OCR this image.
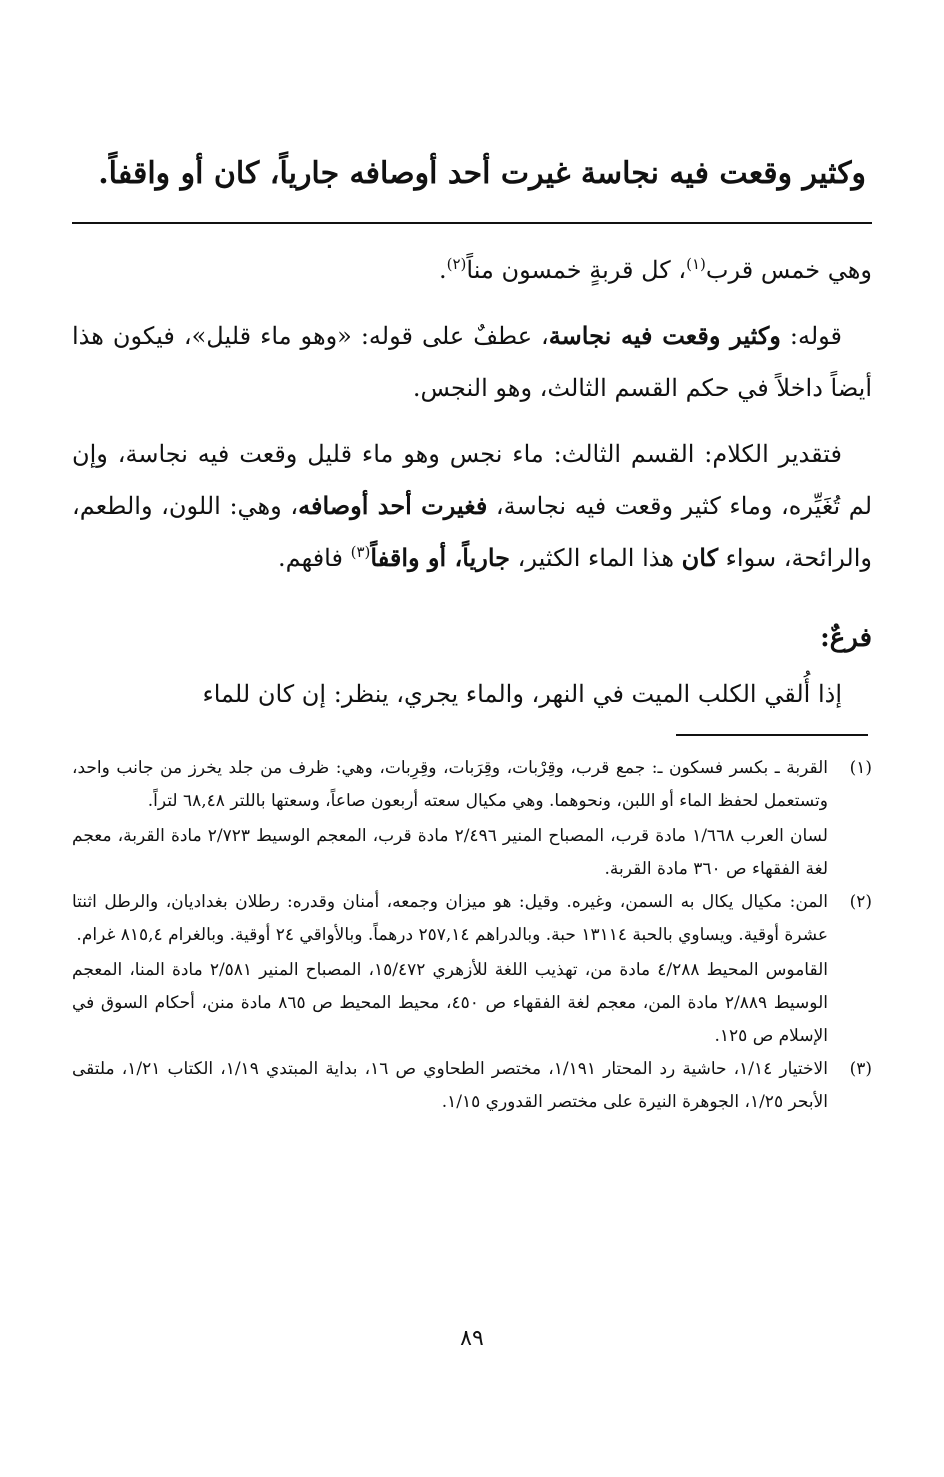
وكثير وقعت فيه نجاسة غيرت أحد أوصافه جارياً، كان أو واقفاً.

وهي خمس قرب$^{(١)}$، كل قربةٍ خمسون مناً$^{(٢)}$.

قوله: وكثير وقعت فيه نجاسة، عطفٌ على قوله: «وهو ماء قليل»، فيكون هذا أيضاً داخلاً في حكم القسم الثالث، وهو النجس.

فتقدير الكلام: القسم الثالث: ماء نجس وهو ماء قليل وقعت فيه نجاسة، وإن لم تُغَيِّره، وماء كثير وقعت فيه نجاسة، فغيرت أحد أوصافه، وهي: اللون، والطعم، والرائحة، سواء كان هذا الماء الكثير، جارياً، أو واقفاً$^{(٣)}$ فافهم.

فرعٌ:

إذا أُلقي الكلب الميت في النهر، والماء يجري، ينظر: إن كان للماء

(١)

القربة ـ بكسر فسكون ـ: جمع قرب، وقِرْبات، وقِرَبات، وقِرِبات، وهي: ظرف من جلد يخرز من جانب واحد، وتستعمل لحفظ الماء أو اللبن، ونحوهما. وهي مكيال سعته أربعون صاعاً، وسعتها باللتر ٦٨,٤٨ لتراً.

لسان العرب ١/٦٦٨ مادة قرب، المصباح المنير ٢/٤٩٦ مادة قرب، المعجم الوسيط ٢/٧٢٣ مادة القربة، معجم لغة الفقهاء ص ٣٦٠ مادة القربة.

(٢)

المن: مكيال يكال به السمن، وغيره. وقيل: هو ميزان وجمعه، أمنان وقدره: رطلان بغداديان، والرطل اثنتا عشرة أوقية. ويساوي بالحبة ١٣١١٤ حبة. وبالدراهم ٢٥٧,١٤ درهماً. وبالأواقي ٢٤ أوقية. وبالغرام ٨١٥,٤ غرام.

القاموس المحيط ٤/٢٨٨ مادة من، تهذيب اللغة للأزهري ١٥/٤٧٢، المصباح المنير ٢/٥٨١ مادة المنا، المعجم الوسيط ٢/٨٨٩ مادة المن، معجم لغة الفقهاء ص ٤٥٠، محيط المحيط ص ٨٦٥ مادة منن، أحكام السوق في الإسلام ص ١٢٥.

(٣)

الاختيار ١/١٤، حاشية رد المحتار ١/١٩١، مختصر الطحاوي ص ١٦، بداية المبتدي ١/١٩، الكتاب ١/٢١، ملتقى الأبحر ١/٢٥، الجوهرة النيرة على مختصر القدوري ١/١٥.

٨٩
